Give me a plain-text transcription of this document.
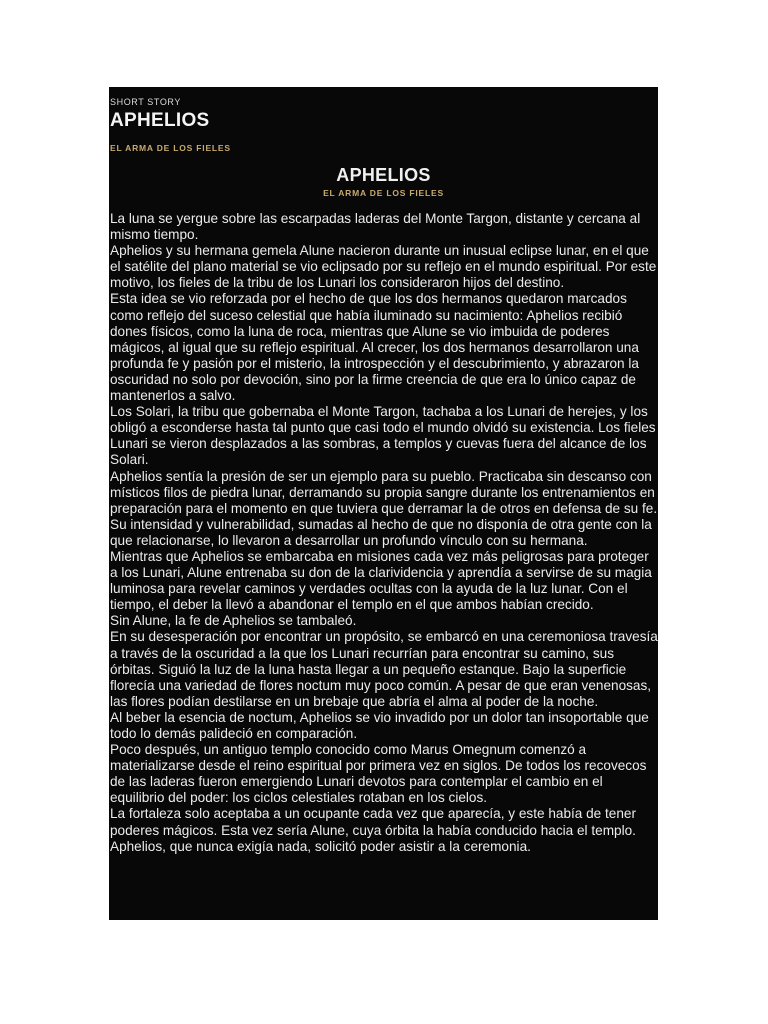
SHORT STORY
APHELIOS
EL ARMA DE LOS FIELES
APHELIOS
EL ARMA DE LOS FIELES

La luna se yergue sobre las escarpadas laderas del Monte Targon, distante y cercana al mismo tiempo.

Aphelios y su hermana gemela Alune nacieron durante un inusual eclipse lunar, en el que el satélite del plano material se vio eclipsado por su reflejo en el mundo espiritual. Por este motivo, los fieles de la tribu de los Lunari los consideraron hijos del destino.

Esta idea se vio reforzada por el hecho de que los dos hermanos quedaron marcados como reflejo del suceso celestial que había iluminado su nacimiento: Aphelios recibió dones físicos, como la luna de roca, mientras que Alune se vio imbuida de poderes mágicos, al igual que su reflejo espiritual. Al crecer, los dos hermanos desarrollaron una profunda fe y pasión por el misterio, la introspección y el descubrimiento, y abrazaron la oscuridad no solo por devoción, sino por la firme creencia de que era lo único capaz de mantenerlos a salvo.

Los Solari, la tribu que gobernaba el Monte Targon, tachaba a los Lunari de herejes, y los obligó a esconderse hasta tal punto que casi todo el mundo olvidó su existencia. Los fieles Lunari se vieron desplazados a las sombras, a templos y cuevas fuera del alcance de los Solari.

Aphelios sentía la presión de ser un ejemplo para su pueblo. Practicaba sin descanso con místicos filos de piedra lunar, derramando su propia sangre durante los entrenamientos en preparación para el momento en que tuviera que derramar la de otros en defensa de su fe. Su intensidad y vulnerabilidad, sumadas al hecho de que no disponía de otra gente con la que relacionarse, lo llevaron a desarrollar un profundo vínculo con su hermana.

Mientras que Aphelios se embarcaba en misiones cada vez más peligrosas para proteger a los Lunari, Alune entrenaba su don de la clarividencia y aprendía a servirse de su magia luminosa para revelar caminos y verdades ocultas con la ayuda de la luz lunar. Con el tiempo, el deber la llevó a abandonar el templo en el que ambos habían crecido.

Sin Alune, la fe de Aphelios se tambaleó.

En su desesperación por encontrar un propósito, se embarcó en una ceremoniosa travesía a través de la oscuridad a la que los Lunari recurrían para encontrar su camino, sus órbitas. Siguió la luz de la luna hasta llegar a un pequeño estanque. Bajo la superficie florecía una variedad de flores noctum muy poco común. A pesar de que eran venenosas, las flores podían destilarse en un brebaje que abría el alma al poder de la noche.

Al beber la esencia de noctum, Aphelios se vio invadido por un dolor tan insoportable que todo lo demás palideció en comparación.

Poco después, un antiguo templo conocido como Marus Omegnum comenzó a materializarse desde el reino espiritual por primera vez en siglos. De todos los recovecos de las laderas fueron emergiendo Lunari devotos para contemplar el cambio en el equilibrio del poder: los ciclos celestiales rotaban en los cielos.

La fortaleza solo aceptaba a un ocupante cada vez que aparecía, y este había de tener poderes mágicos. Esta vez sería Alune, cuya órbita la había conducido hacia el templo. Aphelios, que nunca exigía nada, solicitó poder asistir a la ceremonia.
